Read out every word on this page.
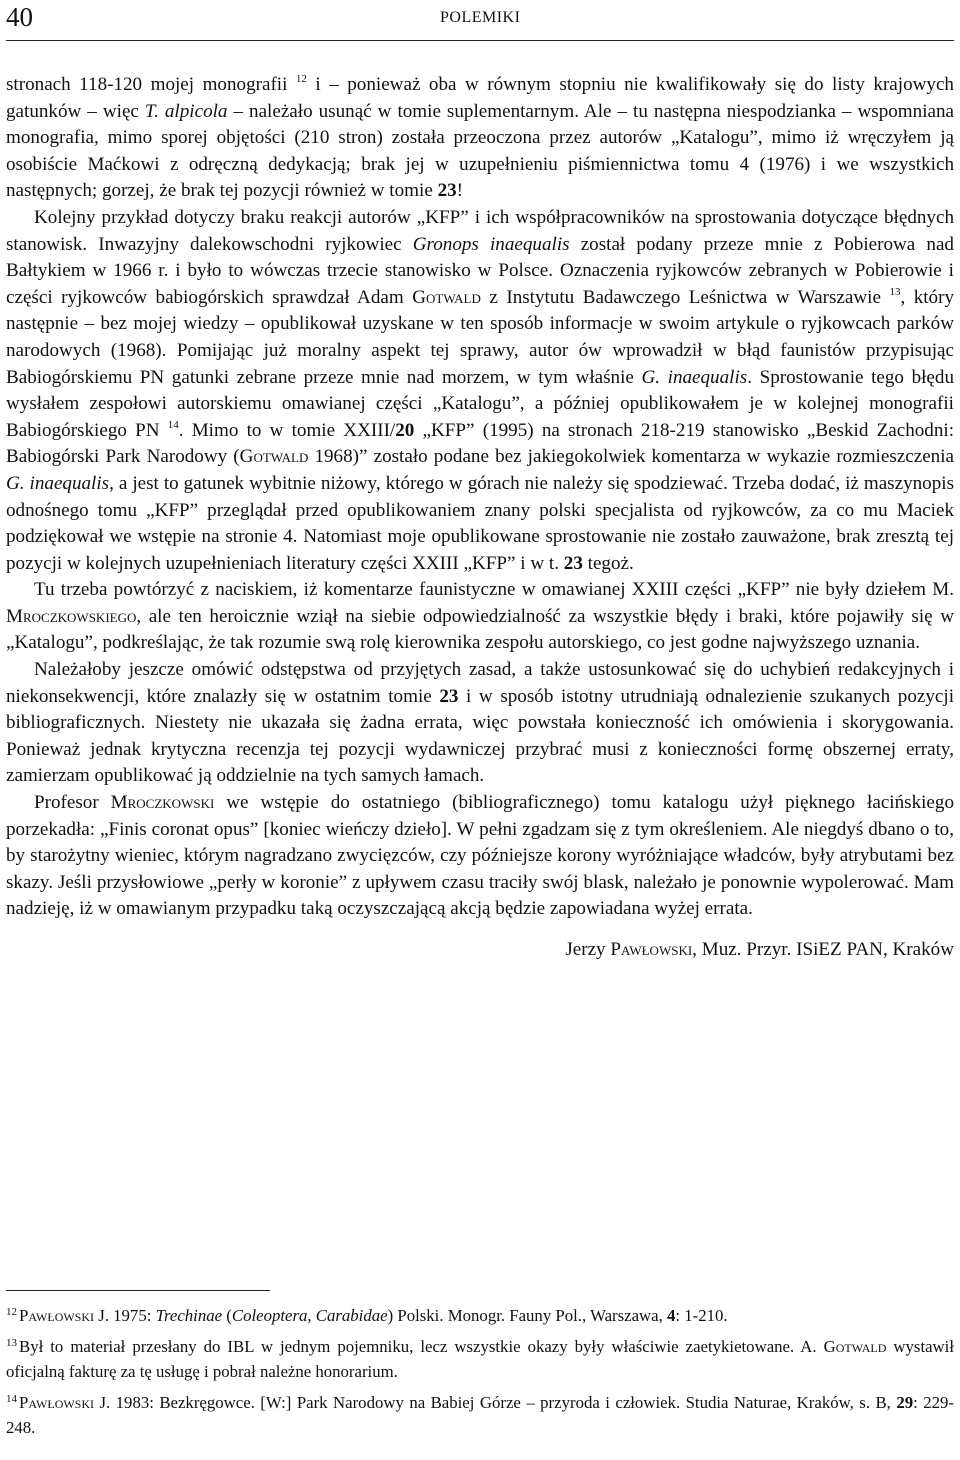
40	POLEMIKI

stronach 118-120 mojej monografii $^{12}$ i – ponieważ oba w równym stopniu nie kwalifikowały się do listy krajowych gatunków – więc T. alpicola – należało usunąć w tomie suplementarnym. Ale – tu następna niespodzianka – wspomniana monografia, mimo sporej objętości (210 stron) została przeoczona przez autorów „Katalogu”, mimo iż wręczyłem ją osobiście Maćkowi z odręczną dedykacją; brak jej w uzupełnieniu piśmiennictwa tomu 4 (1976) i we wszystkich następnych; gorzej, że brak tej pozycji również w tomie 23!

Kolejny przykład dotyczy braku reakcji autorów „KFP” i ich współpracowników na sprostowania dotyczące błędnych stanowisk. Inwazyjny dalekowschodni ryjkowiec Gronops inaequalis został podany przeze mnie z Pobierowa nad Bałtykiem w 1966 r. i było to wówczas trzecie stanowisko w Polsce. Oznaczenia ryjkowców zebranych w Pobierowie i części ryjkowców babiogórskich sprawdzał Adam Gotwald z Instytutu Badawczego Leśnictwa w Warszawie $^{13}$, który następnie – bez mojej wiedzy – opublikował uzyskane w ten sposób informacje w swoim artykule o ryjkowcach parków narodowych (1968). Pomijając już moralny aspekt tej sprawy, autor ów wprowadził w błąd faunistów przypisując Babiogórskiemu PN gatunki zebrane przeze mnie nad morzem, w tym właśnie G. inaequalis. Sprostowanie tego błędu wysłałem zespołowi autorskiemu omawianej części „Katalogu”, a później opublikowałem je w kolejnej monografii Babiogórskiego PN $^{14}$. Mimo to w tomie XXIII/20 „KFP” (1995) na stronach 218-219 stanowisko „Beskid Zachodni: Babiogórski Park Narodowy (Gotwald 1968)” zostało podane bez jakiegokolwiek komentarza w wykazie rozmieszczenia G. inaequalis, a jest to gatunek wybitnie niżowy, którego w górach nie należy się spodziewać. Trzeba dodać, iż maszynopis odnośnego tomu „KFP” przeglądał przed opublikowaniem znany polski specjalista od ryjkowców, za co mu Maciek podziękował we wstępie na stronie 4. Natomiast moje opublikowane sprostowanie nie zostało zauważone, brak zresztą tej pozycji w kolejnych uzupełnieniach literatury części XXIII „KFP” i w t. 23 tegoż.

Tu trzeba powtórzyć z naciskiem, iż komentarze faunistyczne w omawianej XXIII części „KFP” nie były dziełem M. Mroczkowskiego, ale ten heroicznie wziął na siebie odpowiedzialność za wszystkie błędy i braki, które pojawiły się w „Katalogu”, podkreślając, że tak rozumie swą rolę kierownika zespołu autorskiego, co jest godne najwyższego uznania.

Należałoby jeszcze omówić odstępstwa od przyjętych zasad, a także ustosunkować się do uchybień redakcyjnych i niekonsekwencji, które znalazły się w ostatnim tomie 23 i w sposób istotny utrudniają odnalezienie szukanych pozycji bibliograficznych. Niestety nie ukazała się żadna errata, więc powstała konieczność ich omówienia i skorygowania. Ponieważ jednak krytyczna recenzja tej pozycji wydawniczej przybrać musi z konieczności formę obszernej erraty, zamierzam opublikować ją oddzielnie na tych samych łamach.

Profesor Mroczkowski we wstępie do ostatniego (bibliograficznego) tomu katalogu użył pięknego łacińskiego porzekadła: „Finis coronat opus” [koniec wieńczy dzieło]. W pełni zgadzam się z tym określeniem. Ale niegdyś dbano o to, by starożytny wieniec, którym nagradzano zwycięzców, czy późniejsze korony wyróżniające władców, były atrybutami bez skazy. Jeśli przysłowiowe „perły w koronie” z upływem czasu traciły swój blask, należało je ponownie wypolerować. Mam nadzieję, iż w omawianym przypadku taką oczyszczającą akcją będzie zapowiadana wyżej errata.

Jerzy Pawłowski, Muz. Przyr. ISiEZ PAN, Kraków

$^{12}$ Pawłowski J. 1975: Trechinae (Coleoptera, Carabidae) Polski. Monogr. Fauny Pol., Warszawa, 4: 1-210.

$^{13}$ Był to materiał przesłany do IBL w jednym pojemniku, lecz wszystkie okazy były właściwie zaetykietowane. A. Gotwald wystawił oficjalną fakturę za tę usługę i pobrał należne honorarium.

$^{14}$ Pawłowski J. 1983: Bezkręgowce. [W:] Park Narodowy na Babiej Górze – przyroda i człowiek. Studia Naturae, Kraków, s. B, 29: 229-248.
